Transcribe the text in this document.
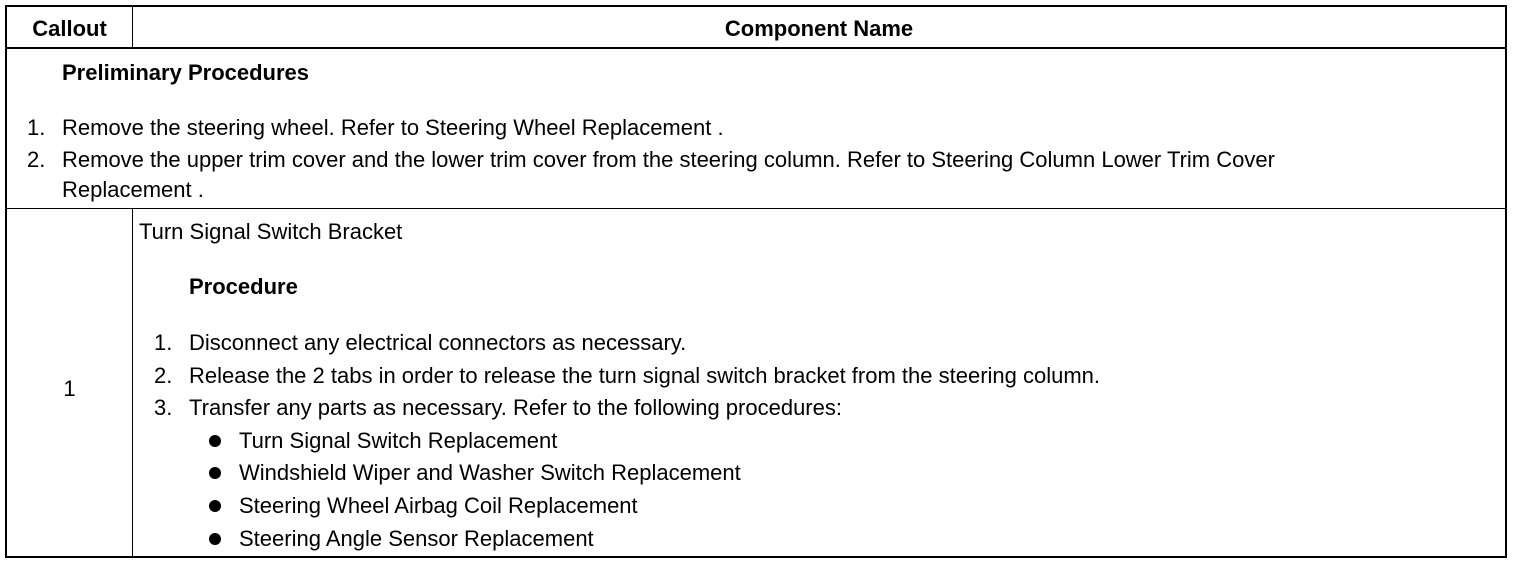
Callout	Component Name
Preliminary Procedures
1. Remove the steering wheel. Refer to Steering Wheel Replacement .
2. Remove the upper trim cover and the lower trim cover from the steering column. Refer to Steering Column Lower Trim Cover
Replacement .
1
Turn Signal Switch Bracket
Procedure
1. Disconnect any electrical connectors as necessary.
2. Release the 2 tabs in order to release the turn signal switch bracket from the steering column.
3. Transfer any parts as necessary. Refer to the following procedures:
Turn Signal Switch Replacement
Windshield Wiper and Washer Switch Replacement
Steering Wheel Airbag Coil Replacement
Steering Angle Sensor Replacement
